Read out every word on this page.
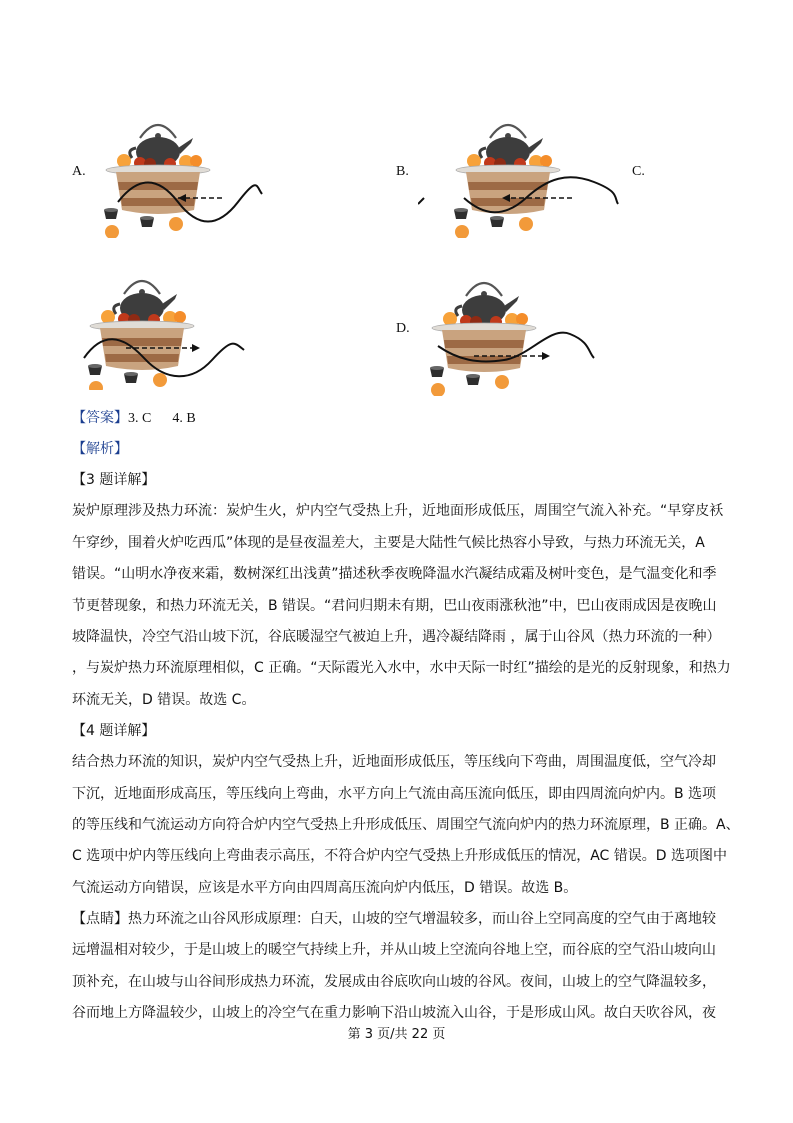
A.	B.	C.
D.
【答案】3. C      4. B
【解析】
【3 题详解】
炭炉原理涉及热力环流：炭炉生火，炉内空气受热上升，近地面形成低压，周围空气流入补充。“早穿皮袄
午穿纱，围着火炉吃西瓜”体现的是昼夜温差大，主要是大陆性气候比热容小导致，与热力环流无关，A
错误。“山明水净夜来霜，数树深红出浅黄”描述秋季夜晚降温水汽凝结成霜及树叶变色，是气温变化和季
节更替现象，和热力环流无关，B 错误。“君问归期未有期，巴山夜雨涨秋池”中，巴山夜雨成因是夜晚山
坡降温快，冷空气沿山坡下沉，谷底暖湿空气被迫上升，遇冷凝结降雨 ，属于山谷风（热力环流的一种）
，与炭炉热力环流原理相似，C 正确。“天际霞光入水中，水中天际一时红”描绘的是光的反射现象，和热力
环流无关，D 错误。故选 C。
【4 题详解】
结合热力环流的知识，炭炉内空气受热上升，近地面形成低压，等压线向下弯曲，周围温度低，空气冷却
下沉，近地面形成高压，等压线向上弯曲，水平方向上气流由高压流向低压，即由四周流向炉内。B 选项
的等压线和气流运动方向符合炉内空气受热上升形成低压、周围空气流向炉内的热力环流原理，B 正确。A、
C 选项中炉内等压线向上弯曲表示高压，不符合炉内空气受热上升形成低压的情况，AC 错误。D 选项图中
气流运动方向错误，应该是水平方向由四周高压流向炉内低压，D 错误。故选 B。
【点睛】热力环流之山谷风形成原理：白天，山坡的空气增温较多，而山谷上空同高度的空气由于离地较
远增温相对较少，于是山坡上的暖空气持续上升，并从山坡上空流向谷地上空，而谷底的空气沿山坡向山
顶补充，在山坡与山谷间形成热力环流，发展成由谷底吹向山坡的谷风。夜间，山坡上的空气降温较多，
谷而地上方降温较少，山坡上的冷空气在重力影响下沿山坡流入山谷，于是形成山风。故白天吹谷风，夜
第 3 页/共 22 页
